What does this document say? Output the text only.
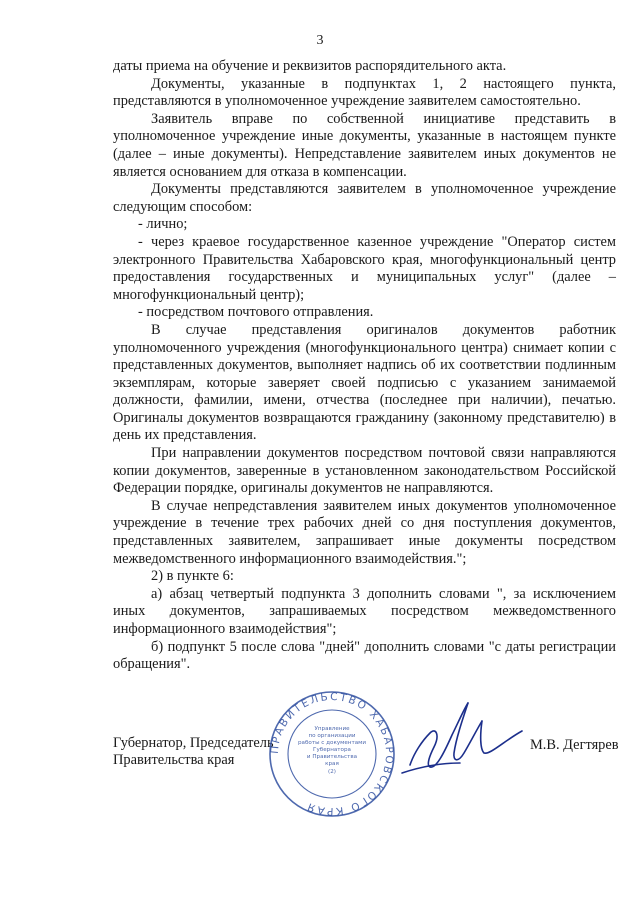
3

даты приема на обучение и реквизитов распорядительного акта.

Документы, указанные в подпунктах 1, 2 настоящего пункта, представляются в уполномоченное учреждение заявителем самостоятельно.

Заявитель вправе по собственной инициативе представить в уполномоченное учреждение иные документы, указанные в настоящем пункте (далее – иные документы). Непредставление заявителем иных документов не является основанием для отказа в компенсации.

Документы представляются заявителем в уполномоченное учреждение следующим способом:

- лично;

- через краевое государственное казенное учреждение "Оператор систем электронного Правительства Хабаровского края, многофункциональный центр предоставления государственных и муниципальных услуг" (далее – многофункциональный центр);

- посредством почтового отправления.

В случае представления оригиналов документов работник уполномоченного учреждения (многофункционального центра) снимает копии с представленных документов, выполняет надпись об их соответствии подлинным экземплярам, которые заверяет своей подписью с указанием занимаемой должности, фамилии, имени, отчества (последнее при наличии), печатью. Оригиналы документов возвращаются гражданину (законному представителю) в день их представления.

При направлении документов посредством почтовой связи направляются копии документов, заверенные в установленном законодательством Российской Федерации порядке, оригиналы документов не направляются.

В случае непредставления заявителем иных документов уполномоченное учреждение в течение трех рабочих дней со дня поступления документов, представленных заявителем, запрашивает иные документы посредством межведомственного информационного взаимодействия.";

2) в пункте 6:

а) абзац четвертый подпункта 3 дополнить словами ", за исключением иных документов, запрашиваемых посредством межведомственного информационного взаимодействия";

б) подпункт 5 после слова "дней" дополнить словами "с даты регистрации обращения".

Губернатор, Председатель
Правительства края
М.В. Дегтярев
ПРАВИТЕЛЬСТВО ХАБАРОВСКОГО КРАЯ
Управление
по организации
работы с документами
Губернатора
и Правительства
края
(2)
